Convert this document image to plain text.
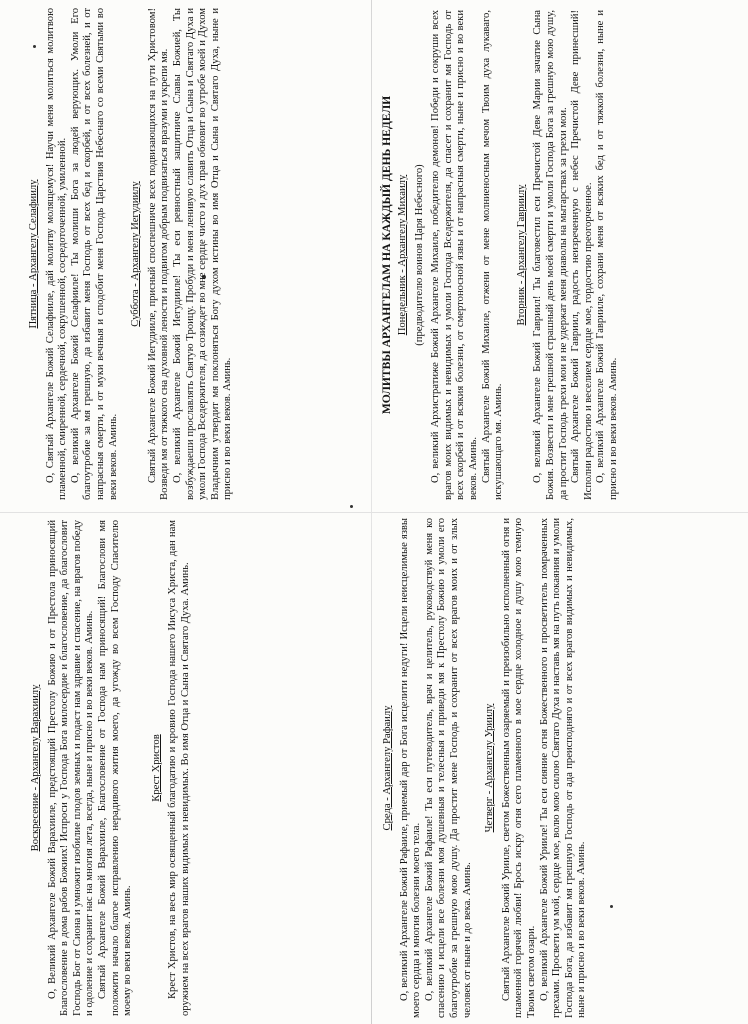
МОЛИТВЫ АРХАНГЕЛАМ НА КАЖДЫЙ ДЕНЬ НЕДЕЛИ Понедельник - Архангелу Михаилу (предводителю воинов Царя Небесного) О, великий Архистратиже Божий Архангеле Михаиле, победителю демонов! Победи и сокруши всех врагов моих видимых и невидимых и умоли Господа Вседержителя, да спасет и сохранит мя Господь от всех скорбей и от всякия болезни, от смертоносной язвы и от напрасныя смерти, ныне и присно и во веки веков. Аминь. Святый Архангеле Божий Михаиле, отжени от мене молниеносным мечом Твоим духа лукаваго, искушающаго мя. Аминь.

Вторник - Архангелу Гавриилу О, великий Архангеле Божий Гавриил! Ты благовестил еси Пречистой Деве Марии зачатие Сына Божия. Возвести и мне грешной страшный день моей смерти и умоли Господа Бога за грешную мою душу, да простит Господь грехи мои и не удержат меня диаволы на мытарствах за грехи мои. Святый Архангеле Божий Гавриил, радость неизреченную с небес Пречистой Деве принесший! Исполни радостию и веселием сердце мое, гордостию преогорченное. О, великий Архангеле Божий Гаврииле, сохрани меня от всяких бед и от тяжкой болезни, ныне и присно и во веки веков. Аминь.

Среда - Архангелу Рафаилу О, великий Архангеле Божий Рафаиле, приемый дар от Бога исцелити недуги! Исцели неисцелимые язвы моего сердца и многия болезни моего тела. О, великий Архангеле Божий Рафаиле! Ты еси путеводитель, врач и целитель, руководствуй меня ко спасению и исцели все болезни моя душевныя и телесныя и приведи мя к Престолу Божию и умоли его благоутробие за грешную мою душу. Да простит мене Господь и сохранит от всех врагов моих и от злых человек от ныне и до века. Аминь.

Четверг - Архангелу Уриилу Святый Архангеле Божий Урииле, светом Божественным озаряемый и преизобильно исполненный огня и пламенной горячей любви! Брось искру огня сего пламенного в мое сердце холодное и душу мою темную Твоим светом озари. О, великий Архангеле Божий Урииле! Ты еси сияние огня Божественного и просветитель помраченных грехами. Просвети ум мой, сердце мое, волю мою силою Святаго Духа и наставь мя на путь покаяния и умоли Господа Бога, да избавит мя грешную Господь от ада преисподняго и от всех врагов видимых и невидимых, ныне и присно и во веки веков. Аминь.

Пятница - Архангелу Селафиилу О, Святый Архангеле Божий Селафииле, дай молитву молящемуся! Научи меня молиться молитвою пламенной, смиренной, сердечной, сокрушенной, сосредоточенной, умиленной. О, великий Архангеле Божий Селафииле! Ты молиши Бога за людей верующих. Умоли Его благоутробие за мя грешную, да избавит меня Господь от всех бед и скорбей, и от всех болезней, и от напрасныя смерти, и от муки вечныя и сподобит меня Господь Царствия Небеснаго со всеми Святыми во веки веков. Аминь.

Суббота - Архангелу Иегудиилу Святый Архангеле Божий Иегудииле, присный споспешниче всех подвизающихся на пути Христовом! Возведи мя от тяжкого сна духовной лености и подвигом добрым подвизаться вразуми и укрепи мя. О, великий Архангеле Божий Иегудииле! Ты еси ревностный защитниче Славы Божией, Ты возбуждаеши прославлять Святую Троицу. Пробуди и меня ленивую славить Отца и Сына и Святаго Духа и умоли Господа Вседержителя, да созиждет во мне сердце чисто и дух прав обновит во утробе моей и Духом Владычним утвердит мя поклоняться Богу духом истины во имя Отца и Сына и Святаго Духа, ныне и присно и во веки веков. Аминь.

Воскресение - Архангелу Варахиилу О, Великий Архангеле Божий Варахииле, предстоящий Престолу Божию и от Престола приносящий Благословение в дома рабов Божиих! Испроси у Господа Бога милосердие и благословение, да благословит Господь Бог от Сиона и умножит изобилие плодов земных и подаст нам здравие и спасение, на врагов победу и одоление и сохранит нас на многия лета, всегда, ныне и присно и во веки веков. Аминь. Святый Архангеле Божий Варахииле, Благословение от Господа нам приносящий! Благослови мя положити начало благое исправлению нерадивого жития моего, да угожду во всем Господу Спасителю моему во веки веков. Аминь.

Крест Христов Крест Христов, на весь мир освященный благодатию и кровию Господа нашего Иисуса Христа, дан нам оружием на всех врагов наших видимых и невидимых. Во имя Отца и Сына и Святаго Духа. Аминь.
